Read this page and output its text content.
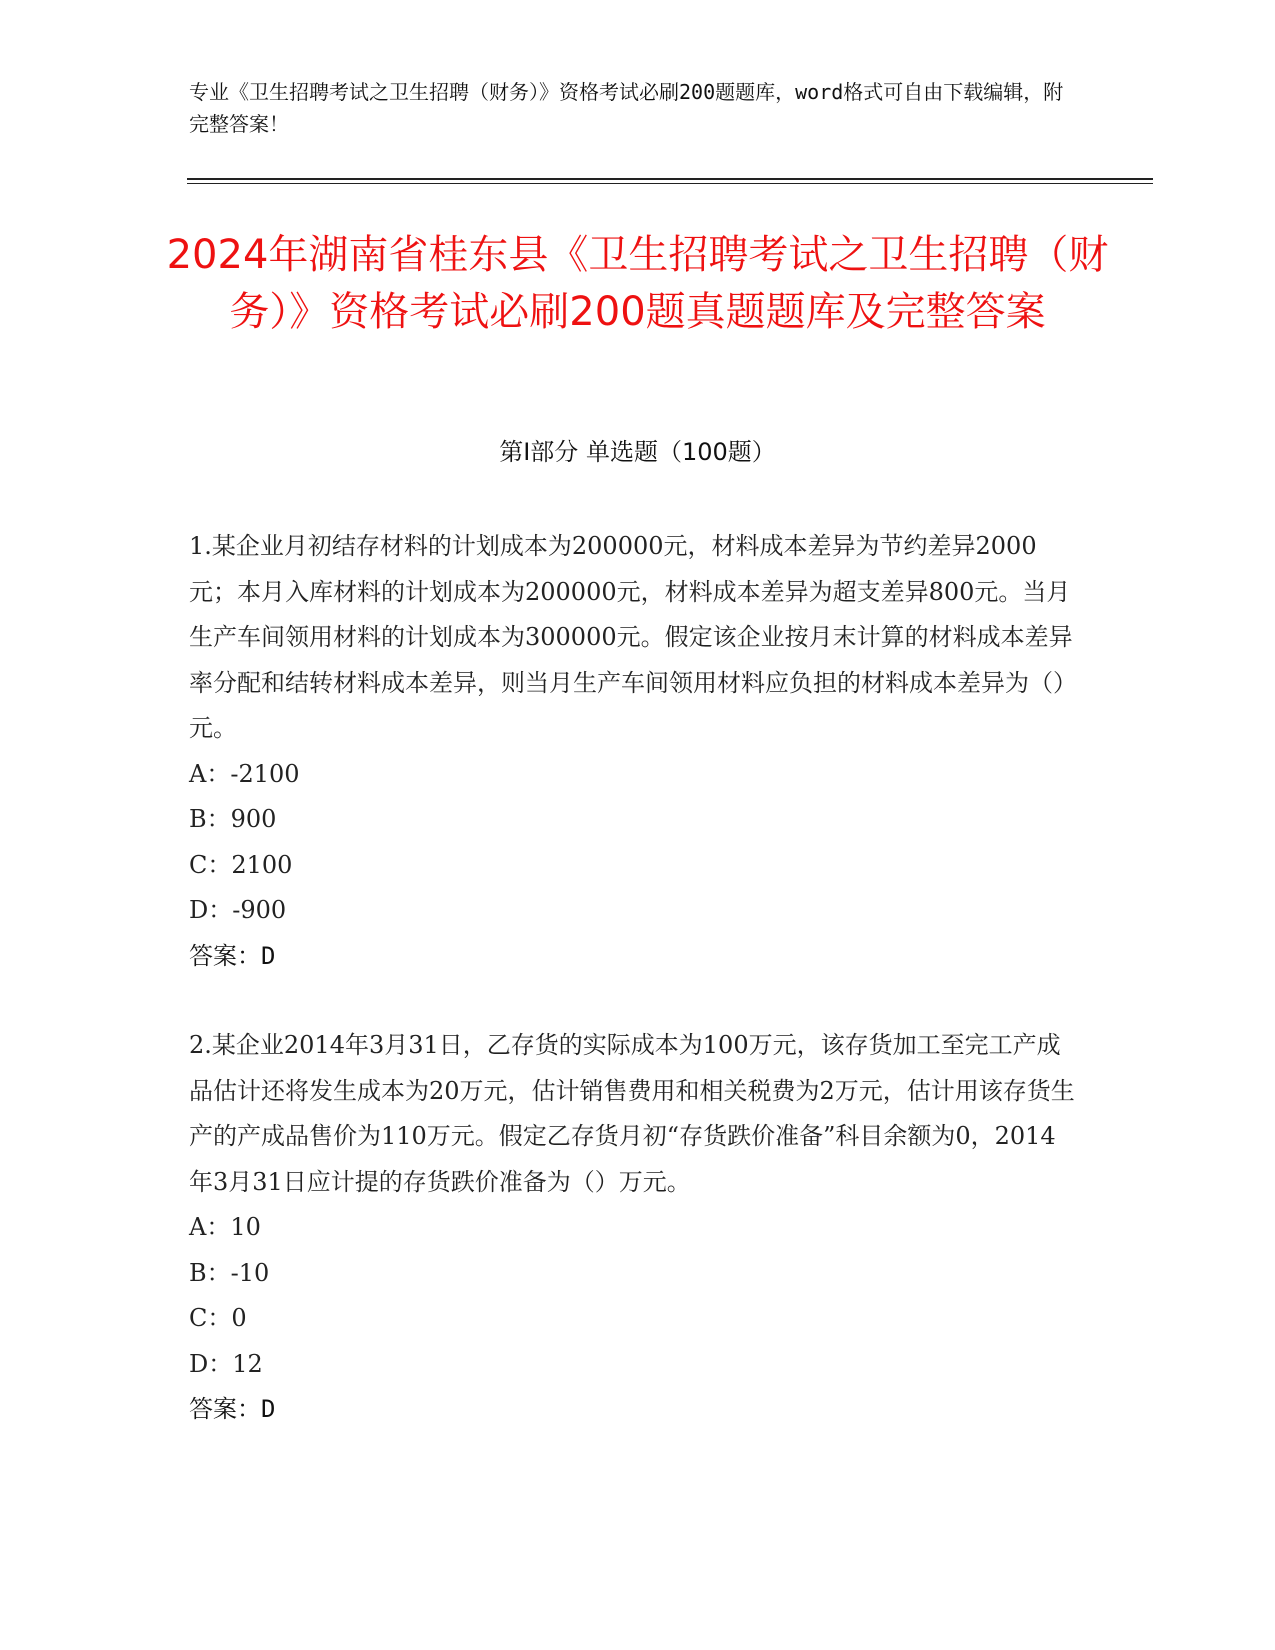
专业《卫生招聘考试之卫生招聘（财务）》资格考试必刷200题题库，word格式可自由下载编辑，附完整答案！
2024年湖南省桂东县《卫生招聘考试之卫生招聘（财务）》资格考试必刷200题真题题库及完整答案
第I部分 单选题（100题）

1.某企业月初结存材料的计划成本为200000元，材料成本差异为节约差异2000元；本月入库材料的计划成本为200000元，材料成本差异为超支差异800元。当月生产车间领用材料的计划成本为300000元。假定该企业按月末计算的材料成本差异率分配和结转材料成本差异，则当月生产车间领用材料应负担的材料成本差异为（）元。

A：-2100

B：900

C：2100

D：-900

答案：D

2.某企业2014年3月31日，乙存货的实际成本为100万元，该存货加工至完工产成品估计还将发生成本为20万元，估计销售费用和相关税费为2万元，估计用该存货生产的产成品售价为110万元。假定乙存货月初“存货跌价准备”科目余额为0，2014年3月31日应计提的存货跌价准备为（）万元。

A：10

B：-10

C：0

D：12

答案：D
